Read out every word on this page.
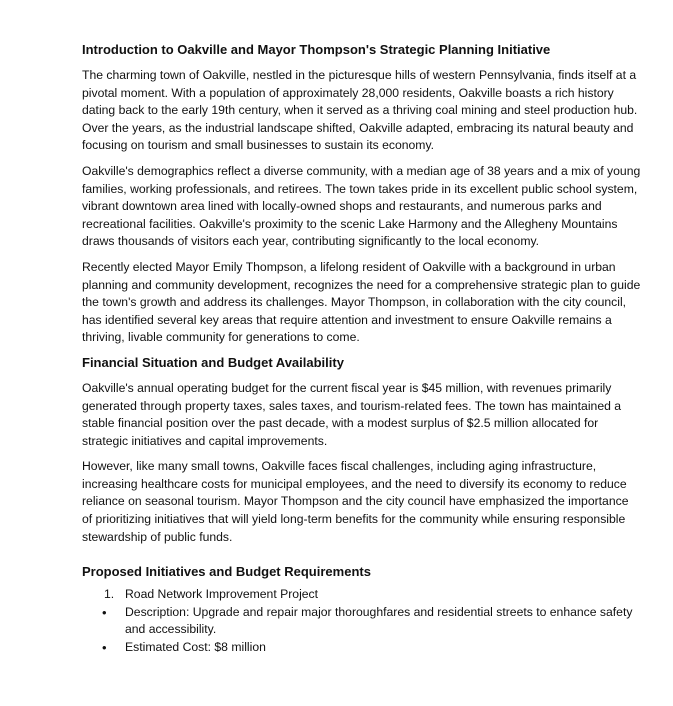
Introduction to Oakville and Mayor Thompson's Strategic Planning Initiative

The charming town of Oakville, nestled in the picturesque hills of western Pennsylvania, finds itself at a pivotal moment. With a population of approximately 28,000 residents, Oakville boasts a rich history dating back to the early 19th century, when it served as a thriving coal mining and steel production hub. Over the years, as the industrial landscape shifted, Oakville adapted, embracing its natural beauty and focusing on tourism and small businesses to sustain its economy.

Oakville's demographics reflect a diverse community, with a median age of 38 years and a mix of young families, working professionals, and retirees. The town takes pride in its excellent public school system, vibrant downtown area lined with locally-owned shops and restaurants, and numerous parks and recreational facilities. Oakville's proximity to the scenic Lake Harmony and the Allegheny Mountains draws thousands of visitors each year, contributing significantly to the local economy.

Recently elected Mayor Emily Thompson, a lifelong resident of Oakville with a background in urban planning and community development, recognizes the need for a comprehensive strategic plan to guide the town's growth and address its challenges. Mayor Thompson, in collaboration with the city council, has identified several key areas that require attention and investment to ensure Oakville remains a thriving, livable community for generations to come.

Financial Situation and Budget Availability

Oakville's annual operating budget for the current fiscal year is $45 million, with revenues primarily generated through property taxes, sales taxes, and tourism-related fees. The town has maintained a stable financial position over the past decade, with a modest surplus of $2.5 million allocated for strategic initiatives and capital improvements.

However, like many small towns, Oakville faces fiscal challenges, including aging infrastructure, increasing healthcare costs for municipal employees, and the need to diversify its economy to reduce reliance on seasonal tourism. Mayor Thompson and the city council have emphasized the importance of prioritizing initiatives that will yield long-term benefits for the community while ensuring responsible stewardship of public funds.

Proposed Initiatives and Budget Requirements
1. Road Network Improvement Project
•	Description: Upgrade and repair major thoroughfares and residential streets to enhance safety and accessibility.
•	Estimated Cost: $8 million
